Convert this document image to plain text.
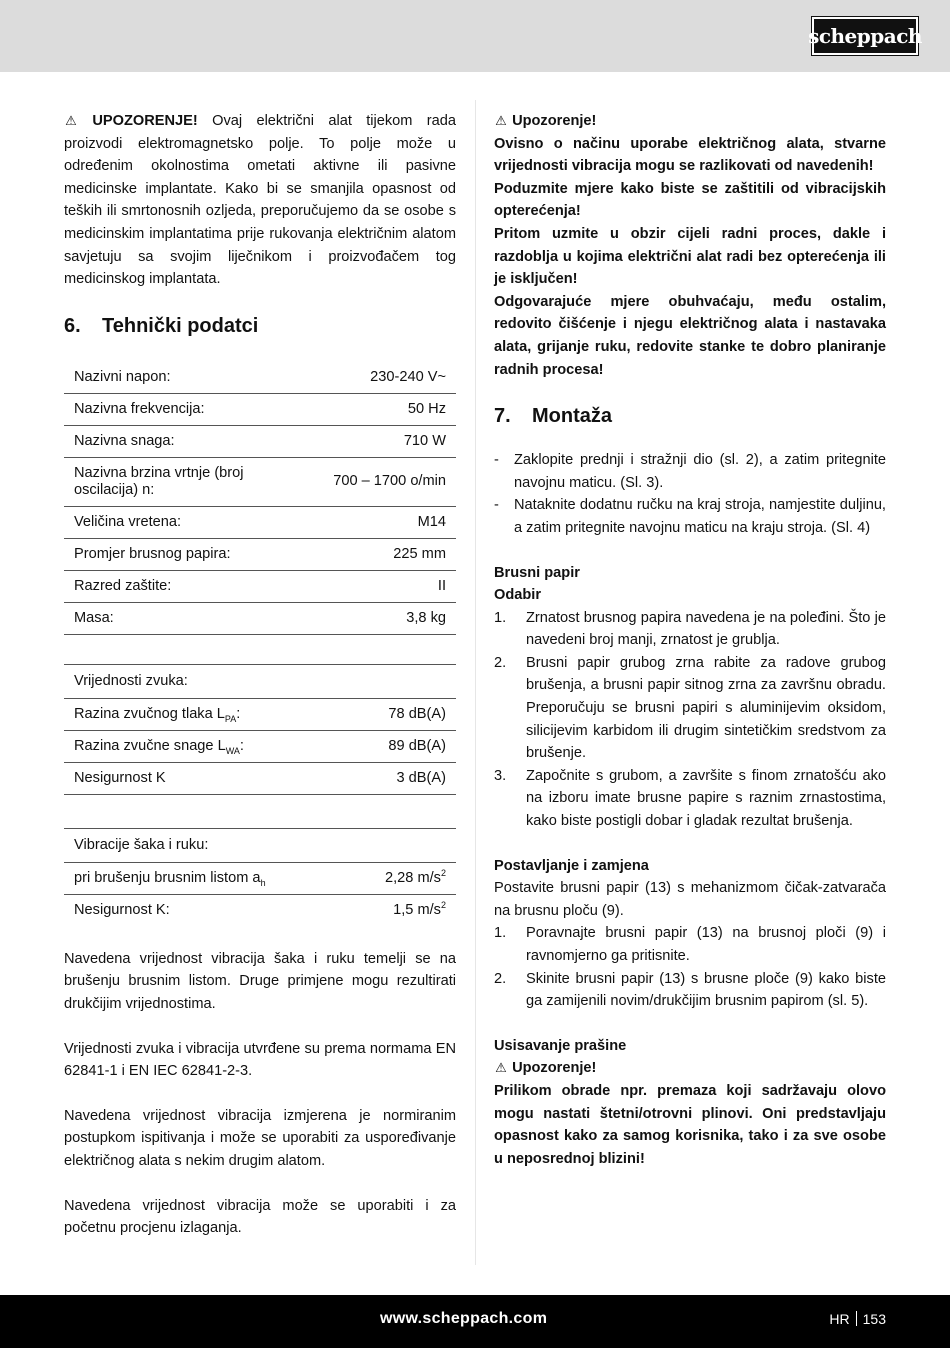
scheppach

⚠ UPOZORENJE! Ovaj električni alat tijekom rada proizvodi elektromagnetsko polje. To polje može u određenim okolnostima ometati aktivne ili pasivne medicinske implantate. Kako bi se smanjila opasnost od teških ili smrtonosnih ozljeda, preporučujemo da se osobe s medicinskim implantatima prije rukovanja električnim alatom savjetuju sa svojim liječnikom i proizvođačem tog medicinskog implantata.

6. Tehnički podatci
Nazivni napon:	230-240 V~
Nazivna frekvencija:	50 Hz
Nazivna snaga:	710 W
Nazivna brzina vrtnje (broj oscilacija) n:	700 – 1700 o/min
Veličina vretena:	M14
Promjer brusnog papira:	225 mm
Razred zaštite:	II
Masa:	3,8 kg

Vrijednosti zvuka:	
Razina zvučnog tlaka $L_{PA}$:	78 dB(A)
Razina zvučne snage $L_{WA}$:	89 dB(A)
Nesigurnost K	3 dB(A)

Vibracije šaka i ruku:	
pri brušenju brusnim listom $a_h$	2,28 $m/s^2$
Nesigurnost K:	1,5 $m/s^2$

Navedena vrijednost vibracija šaka i ruku temelji se na brušenju brusnim listom. Druge primjene mogu rezultirati drukčijim vrijednostima.

Vrijednosti zvuka i vibracija utvrđene su prema normama EN 62841-1 i EN IEC 62841-2-3.

Navedena vrijednost vibracija izmjerena je normiranim postupkom ispitivanja i može se uporabiti za uspoređivanje električnog alata s nekim drugim alatom.

Navedena vrijednost vibracija može se uporabiti i za početnu procjenu izlaganja.

⚠ Upozorenje!

Ovisno o načinu uporabe električnog alata, stvarne vrijednosti vibracija mogu se razlikovati od navedenih!

Poduzmite mjere kako biste se zaštitili od vibracijskih opterećenja!

Pritom uzmite u obzir cijeli radni proces, dakle i razdoblja u kojima električni alat radi bez opterećenja ili je isključen!

Odgovarajuće mjere obuhvaćaju, među ostalim, redovito čišćenje i njegu električnog alata i nastavaka alata, grijanje ruku, redovite stanke te dobro planiranje radnih procesa!

7. Montaža
- Zaklopite prednji i stražnji dio (sl. 2), a zatim pritegnite navojnu maticu. (Sl. 3).
- Nataknite dodatnu ručku na kraj stroja, namjestite duljinu, a zatim pritegnite navojnu maticu na kraju stroja. (Sl. 4)
Brusni papir
Odabir
1. Zrnatost brusnog papira navedena je na poleđini. Što je navedeni broj manji, zrnatost je grublja.
2. Brusni papir grubog zrna rabite za radove grubog brušenja, a brusni papir sitnog zrna za završnu obradu. Preporučuju se brusni papiri s aluminijevim oksidom, silicijevim karbidom ili drugim sintetičkim sredstvom za brušenje.
3. Započnite s grubom, a završite s finom zrnatošću ako na izboru imate brusne papire s raznim zrnastostima, kako biste postigli dobar i gladak rezultat brušenja.
Postavljanje i zamjena

Postavite brusni papir (13) s mehanizmom čičak-zatvarača na brusnu ploču (9).

1. Poravnajte brusni papir (13) na brusnoj ploči (9) i ravnomjerno ga pritisnite.
2. Skinite brusni papir (13) s brusne ploče (9) kako biste ga zamijenili novim/drukčijim brusnim papirom (sl. 5).
Usisavanje prašine
⚠ Upozorenje!

Prilikom obrade npr. premaza koji sadržavaju olovo mogu nastati štetni/otrovni plinovi. Oni predstavljaju opasnost kako za samog korisnika, tako i za sve osobe u neposrednoj blizini!

www.scheppach.com	HR 153
